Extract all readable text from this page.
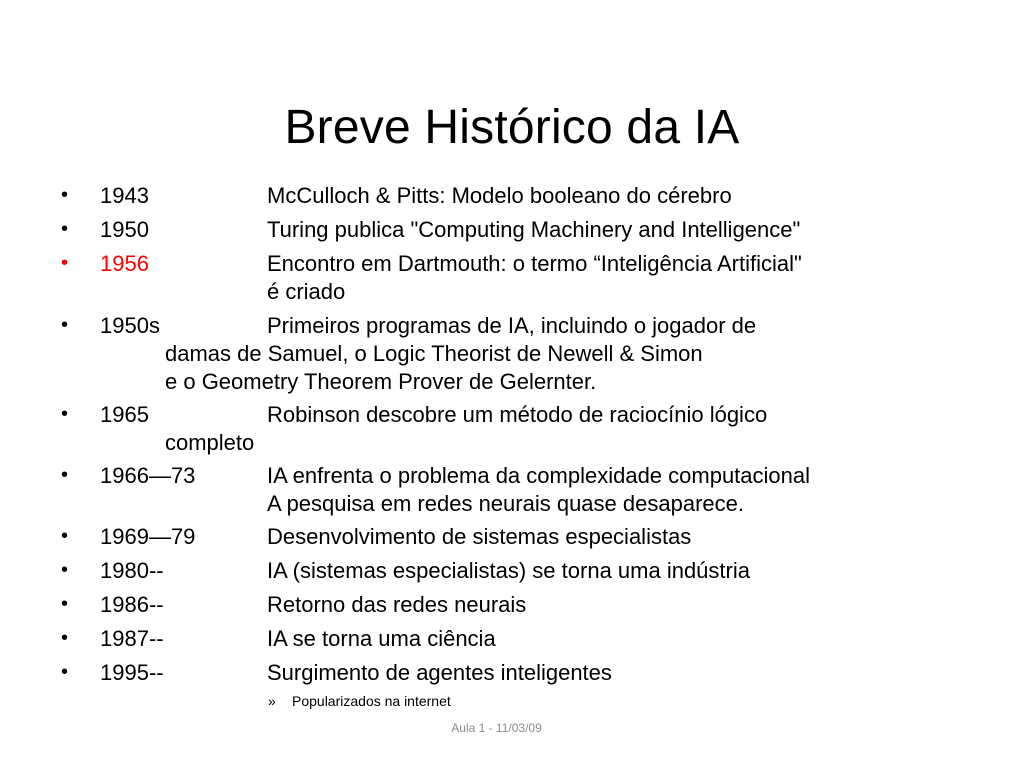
Breve Histórico da IA
• 1943	McCulloch & Pitts: Modelo booleano do cérebro
• 1950	Turing publica "Computing Machinery and Intelligence"
• 1956	Encontro em Dartmouth: o termo “Inteligência Artificial"
é criado
• 1950s	Primeiros programas de IA, incluindo o jogador de
damas de Samuel, o Logic Theorist de Newell & Simon
e o Geometry Theorem Prover de Gelernter.
• 1965	Robinson descobre um método de raciocínio lógico
completo
• 1966—73	IA enfrenta o problema da complexidade computacional
A pesquisa em redes neurais quase desaparece.
• 1969—79	Desenvolvimento de sistemas especialistas
• 1980--	IA (sistemas especialistas) se torna uma indústria
• 1986--	Retorno das redes neurais
• 1987--	IA se torna uma ciência
• 1995--	Surgimento de agentes inteligentes
» Popularizados na internet
Aula 1 - 11/03/09
